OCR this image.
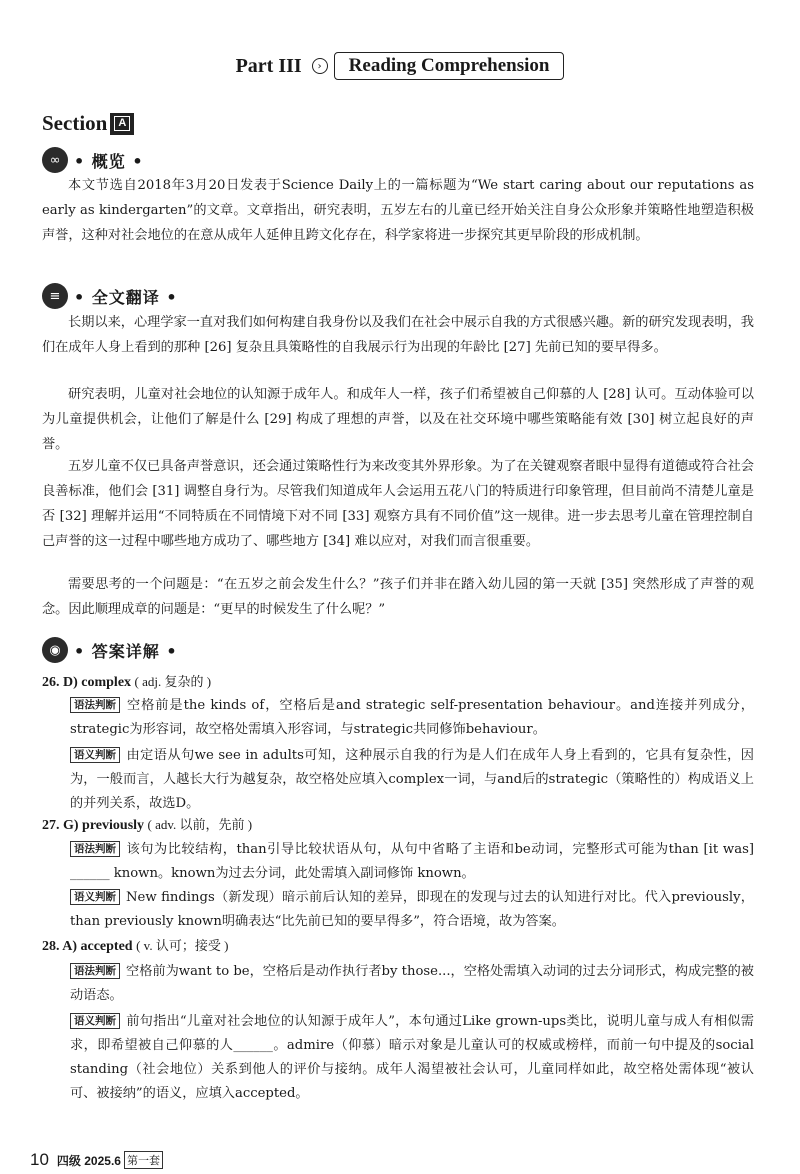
Part III	›	Reading Comprehension
Section	A
∞ • 概览 •

本文节选自2018年3月20日发表于Science Daily上的一篇标题为“We start caring about our reputations as early as kindergarten”的文章。文章指出，研究表明，五岁左右的儿童已经开始关注自身公众形象并策略性地塑造积极声誉，这种对社会地位的在意从成年人延伸且跨文化存在，科学家将进一步探究其更早阶段的形成机制。

≡ • 全文翻译 •

长期以来，心理学家一直对我们如何构建自我身份以及我们在社会中展示自我的方式很感兴趣。新的研究发现表明，我们在成年人身上看到的那种 [26] 复杂且具策略性的自我展示行为出现的年龄比 [27] 先前已知的要早得多。

研究表明，儿童对社会地位的认知源于成年人。和成年人一样，孩子们希望被自己仰慕的人 [28] 认可。互动体验可以为儿童提供机会，让他们了解是什么 [29] 构成了理想的声誉，以及在社交环境中哪些策略能有效 [30] 树立起良好的声誉。

五岁儿童不仅已具备声誉意识，还会通过策略性行为来改变其外界形象。为了在关键观察者眼中显得有道德或符合社会良善标准，他们会 [31] 调整自身行为。尽管我们知道成年人会运用五花八门的特质进行印象管理，但目前尚不清楚儿童是否 [32] 理解并运用“不同特质在不同情境下对不同 [33] 观察方具有不同价值”这一规律。进一步去思考儿童在管理控制自己声誉的这一过程中哪些地方成功了、哪些地方 [34] 难以应对，对我们而言很重要。

需要思考的一个问题是：“在五岁之前会发生什么？”孩子们并非在踏入幼儿园的第一天就 [35] 突然形成了声誉的观念。因此顺理成章的问题是：“更早的时候发生了什么呢？”

◉ • 答案详解 •
26. D) complex ( adj. 复杂的 )

语法判断 空格前是the kinds of，空格后是and strategic self-presentation behaviour。and连接并列成分，strategic为形容词，故空格处需填入形容词，与strategic共同修饰behaviour。

语义判断 由定语从句we see in adults可知，这种展示自我的行为是人们在成年人身上看到的，它具有复杂性，因为，一般而言，人越长大行为越复杂，故空格处应填入complex一词，与and后的strategic（策略性的）构成语义上的并列关系，故选D。

27. G) previously ( adv. 以前，先前 )

语法判断 该句为比较结构，than引导比较状语从句，从句中省略了主语和be动词，完整形式可能为than [it was] ______ known。known为过去分词，此处需填入副词修饰 known。

语义判断 New findings（新发现）暗示前后认知的差异，即现在的发现与过去的认知进行对比。代入previously，than previously known明确表达“比先前已知的要早得多”，符合语境，故为答案。

28. A) accepted ( v. 认可；接受 )

语法判断 空格前为want to be，空格后是动作执行者by those...，空格处需填入动词的过去分词形式，构成完整的被动语态。

语义判断 前句指出“儿童对社会地位的认知源于成年人”，本句通过Like grown-ups类比，说明儿童与成人有相似需求，即希望被自己仰慕的人______。admire（仰慕）暗示对象是儿童认可的权威或榜样，而前一句中提及的social standing（社会地位）关系到他人的评价与接纳。成年人渴望被社会认可，儿童同样如此，故空格处需体现“被认可、被接纳”的语义，应填入accepted。

10 四级 2025.6 第一套
